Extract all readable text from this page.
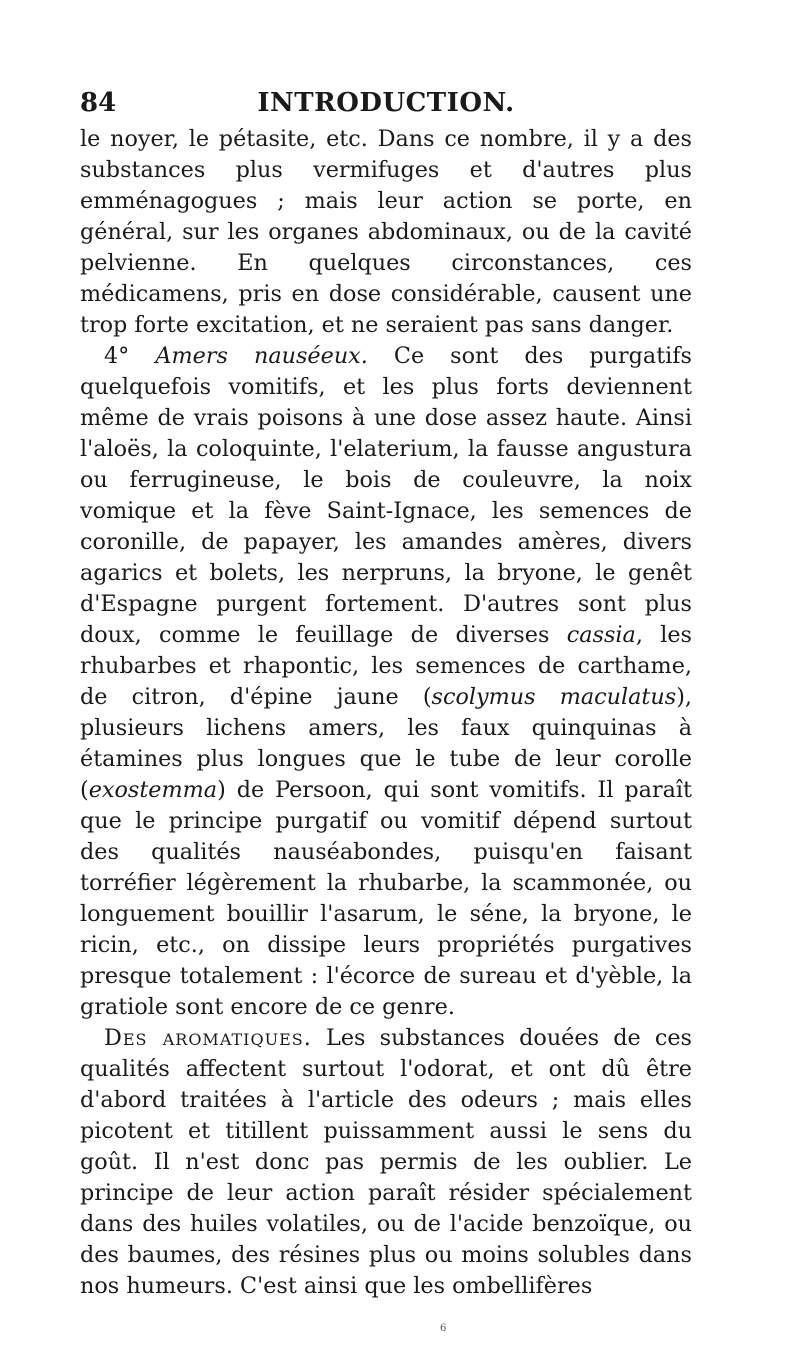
84	INTRODUCTION.

le noyer, le pétasite, etc. Dans ce nombre, il y a des substances plus vermifuges et d'autres plus emménagogues ; mais leur action se porte, en général, sur les organes abdominaux, ou de la cavité pelvienne. En quelques circonstances, ces médicamens, pris en dose considérable, causent une trop forte excitation, et ne seraient pas sans danger.

4° Amers nauséeux. Ce sont des purgatifs quelquefois vomitifs, et les plus forts deviennent même de vrais poisons à une dose assez haute. Ainsi l'aloës, la coloquinte, l'elaterium, la fausse angustura ou ferrugineuse, le bois de couleuvre, la noix vomique et la fève Saint-Ignace, les semences de coronille, de papayer, les amandes amères, divers agarics et bolets, les nerpruns, la bryone, le genêt d'Espagne purgent fortement. D'autres sont plus doux, comme le feuillage de diverses cassia, les rhubarbes et rhapontic, les semences de carthame, de citron, d'épine jaune (scolymus maculatus), plusieurs lichens amers, les faux quinquinas à étamines plus longues que le tube de leur corolle (exostemma) de Persoon, qui sont vomitifs. Il paraît que le principe purgatif ou vomitif dépend surtout des qualités nauséabondes, puisqu'en faisant torréfier légèrement la rhubarbe, la scammonée, ou longuement bouillir l'asarum, le séne, la bryone, le ricin, etc., on dissipe leurs propriétés purgatives presque totalement : l'écorce de sureau et d'yèble, la gratiole sont encore de ce genre.

Des aromatiques. Les substances douées de ces qualités affectent surtout l'odorat, et ont dû être d'abord traitées à l'article des odeurs ; mais elles picotent et titillent puissamment aussi le sens du goût. Il n'est donc pas permis de les oublier. Le principe de leur action paraît résider spécialement dans des huiles volatiles, ou de l'acide benzoïque, ou des baumes, des résines plus ou moins solubles dans nos humeurs. C'est ainsi que les ombellifères

6
